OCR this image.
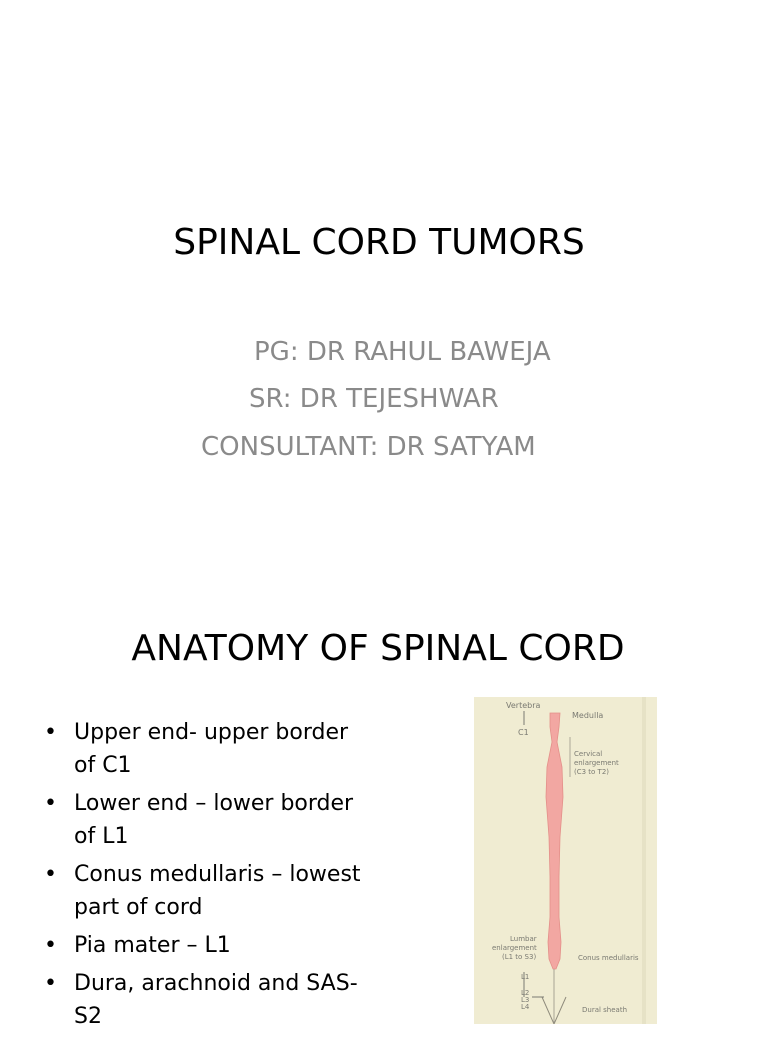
SPINAL CORD TUMORS
PG: DR RAHUL BAWEJA
SR: DR TEJESHWAR
CONSULTANT: DR SATYAM
ANATOMY OF SPINAL CORD
• Upper end- upper border of C1
• Lower end – lower border of L1
• Conus medullaris – lowest part of cord
• Pia mater – L1
• Dura, arachnoid and SAS- S2
Vertebra
C1
Medulla
Cervical
enlargement
(C3 to T2)
Lumbar
enlargement
(L1 to S3)	Conus medullaris
L1
L2
L3
L4	Dural sheath
